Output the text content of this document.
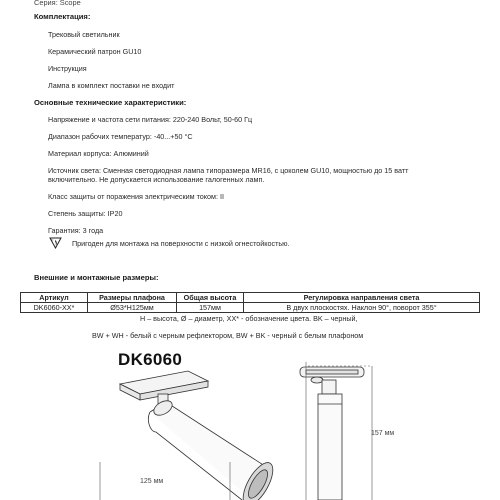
Серия: Scope
Комплектация:
Трековый светильник
Керамический патрон GU10
Инструкция
Лампа в комплект поставки не входит
Основные технические характеристики:
Напряжение и частота сети питания: 220-240 Вольт, 50-60 Гц
Диапазон рабочих температур: -40...+50 °С
Материал корпуса: Алюминий
Источник света: Сменная светодиодная лампа типоразмера MR16, с цоколем GU10, мощностью до 15 ватт
включительно. Не допускается использование галогенных ламп.
Класс защиты от поражения электрическим током: II
Степень защиты: IP20
Гарантия: 3 года
F	Пригоден для монтажа на поверхности с низкой огнестойкостью.
Внешние и монтажные размеры:
Артикул	Размеры плафона	Общая высота	Регулировка направления света
DK6060-XX*	Ø53*H125мм	157мм	В двух плоскостях. Наклон 90°, поворот 355°
H – высота, Ø – диаметр, XX* - обозначение цвета. BK – черный,
BW + WH - белый с черным рефлектором, BW + BK - черный с белым плафоном
DK6060
157 мм
125 мм
